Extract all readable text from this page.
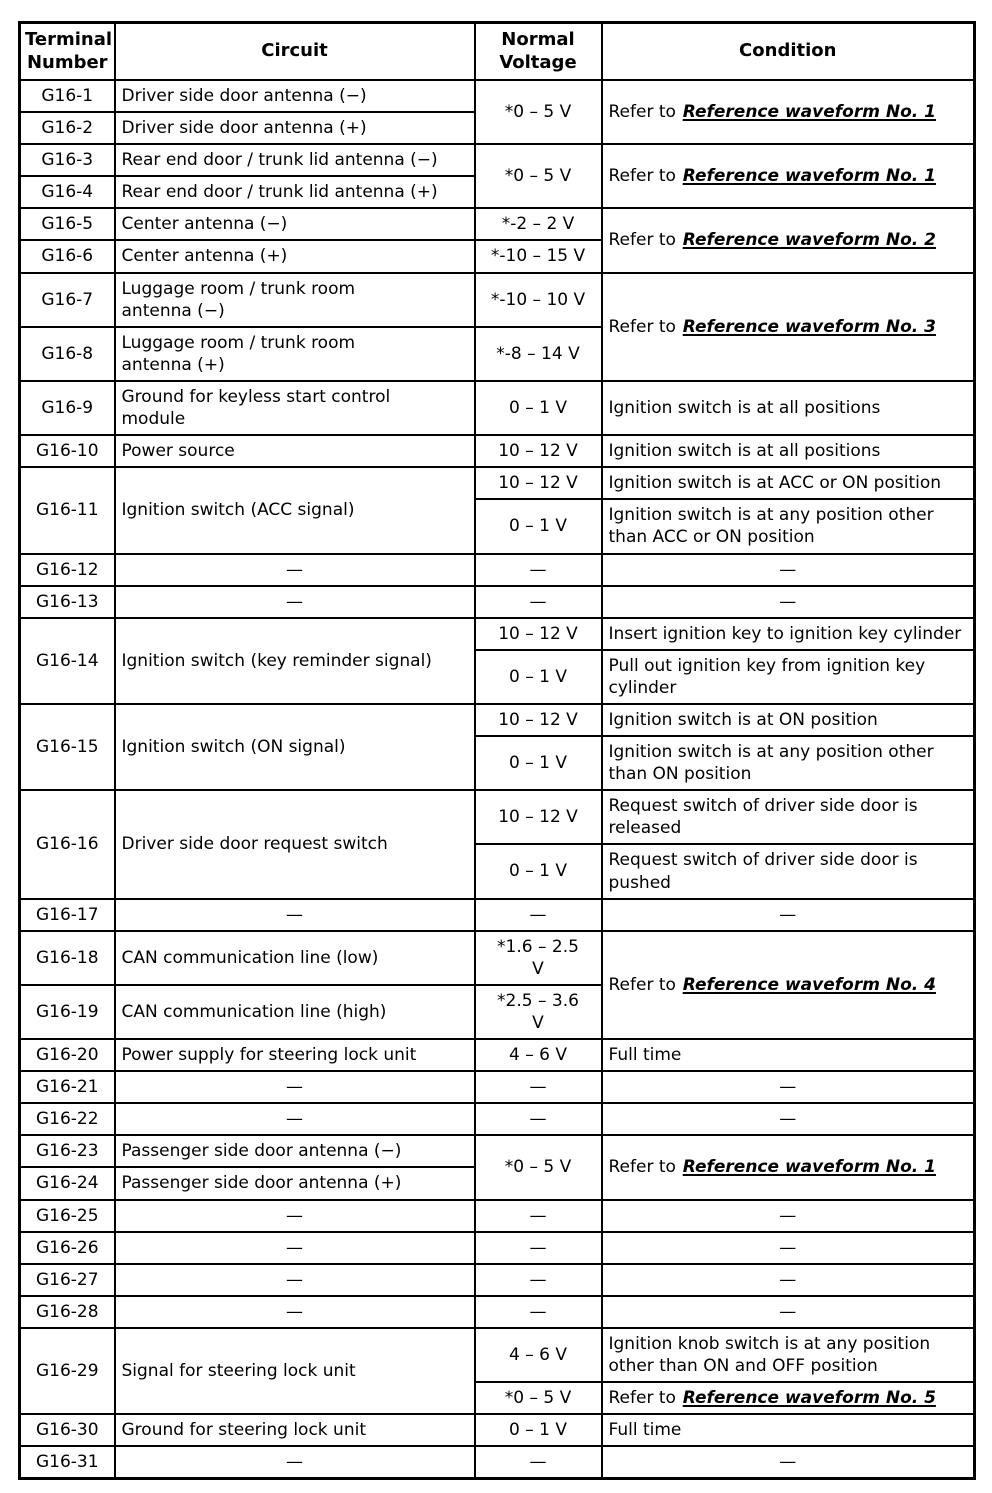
Terminal Number	Circuit	Normal Voltage	Condition
G16-1	Driver side door antenna (−)	*0 – 5 V	Refer to Reference waveform No. 1
G16-2	Driver side door antenna (+)		
G16-3	Rear end door / trunk lid antenna (−)	*0 – 5 V	Refer to Reference waveform No. 1
G16-4	Rear end door / trunk lid antenna (+)		
G16-5	Center antenna (−)	*-2 – 2 V	Refer to Reference waveform No. 2
G16-6	Center antenna (+)	*-10 – 15 V	
G16-7	Luggage room / trunk room antenna (−)	*-10 – 10 V	Refer to Reference waveform No. 3
G16-8	Luggage room / trunk room antenna (+)	*-8 – 14 V	
G16-9	Ground for keyless start control module	0 – 1 V	Ignition switch is at all positions
G16-10	Power source	10 – 12 V	Ignition switch is at all positions
G16-11	Ignition switch (ACC signal)	10 – 12 V	Ignition switch is at ACC or ON position
		0 – 1 V	Ignition switch is at any position other than ACC or ON position
G16-12	—	—	—
G16-13	—	—	—
G16-14	Ignition switch (key reminder signal)	10 – 12 V	Insert ignition key to ignition key cylinder
		0 – 1 V	Pull out ignition key from ignition key cylinder
G16-15	Ignition switch (ON signal)	10 – 12 V	Ignition switch is at ON position
		0 – 1 V	Ignition switch is at any position other than ON position
G16-16	Driver side door request switch	10 – 12 V	Request switch of driver side door is released
		0 – 1 V	Request switch of driver side door is pushed
G16-17	—	—	—
G16-18	CAN communication line (low)	*1.6 – 2.5 V	Refer to Reference waveform No. 4
G16-19	CAN communication line (high)	*2.5 – 3.6 V	
G16-20	Power supply for steering lock unit	4 – 6 V	Full time
G16-21	—	—	—
G16-22	—	—	—
G16-23	Passenger side door antenna (−)	*0 – 5 V	Refer to Reference waveform No. 1
G16-24	Passenger side door antenna (+)		
G16-25	—	—	—
G16-26	—	—	—
G16-27	—	—	—
G16-28	—	—	—
G16-29	Signal for steering lock unit	4 – 6 V	Ignition knob switch is at any position other than ON and OFF position
		*0 – 5 V	Refer to Reference waveform No. 5
G16-30	Ground for steering lock unit	0 – 1 V	Full time
G16-31	—	—	—
